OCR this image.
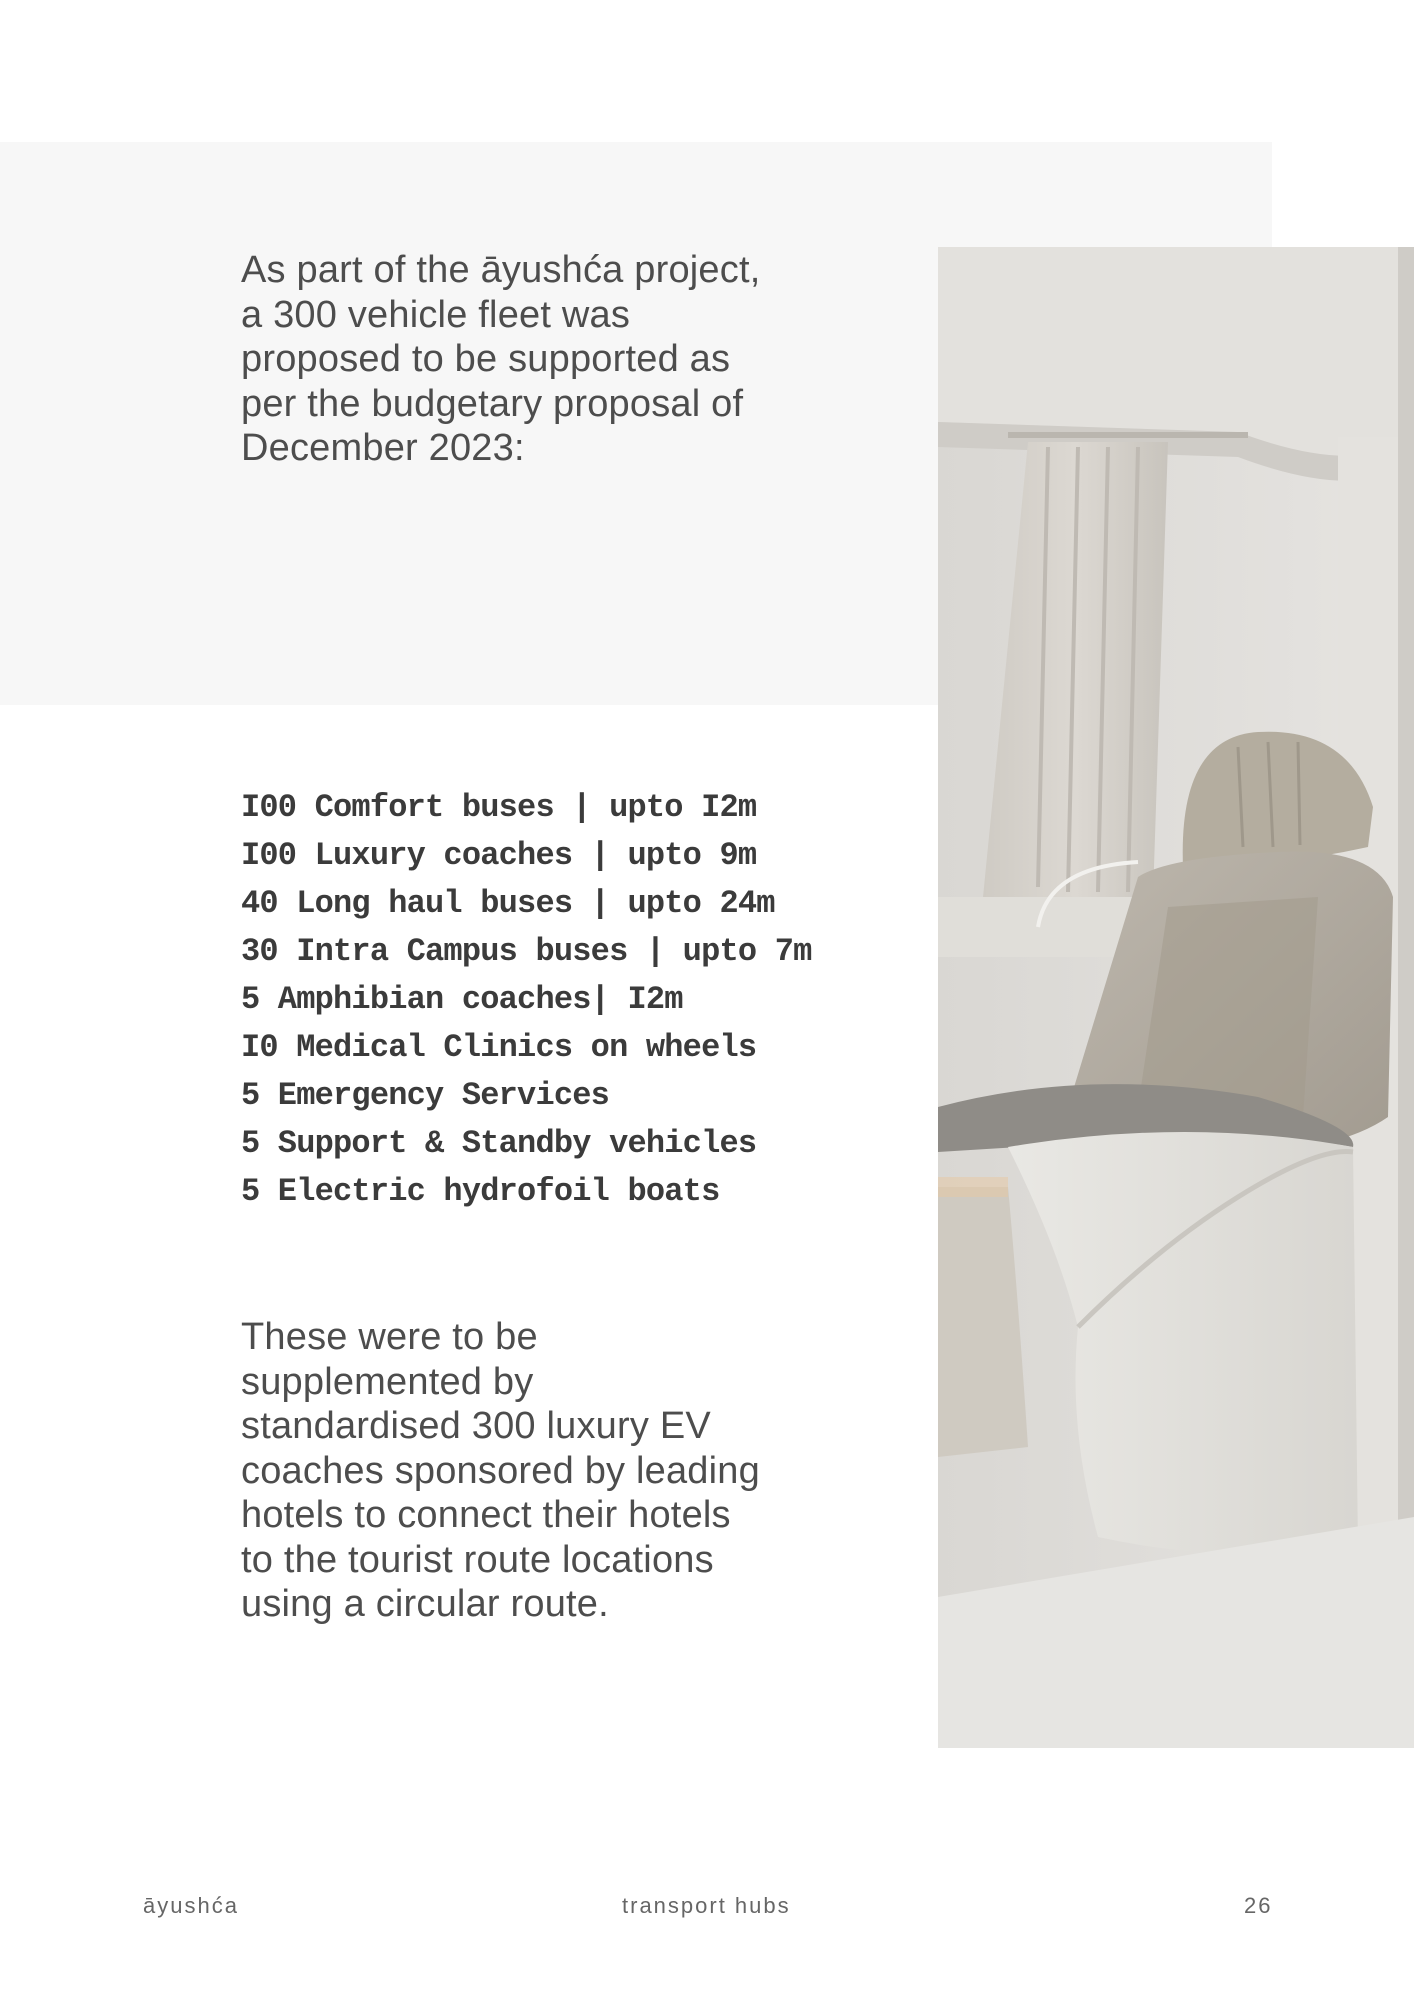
As part of the āyushća project, a 300 vehicle fleet was proposed to be supported as per the budgetary proposal of December 2023:

I00 Comfort buses | upto I2m
I00 Luxury coaches | upto 9m
40 Long haul buses | upto 24m
30 Intra Campus buses | upto 7m
5 Amphibian coaches| I2m
I0 Medical Clinics on wheels
5 Emergency Services
5 Support & Standby vehicles
5 Electric hydrofoil boats

These were to be supplemented by standardised 300 luxury EV coaches sponsored by leading hotels to connect their hotels to the tourist route locations using a circular route.

āyushća	transport hubs	26
